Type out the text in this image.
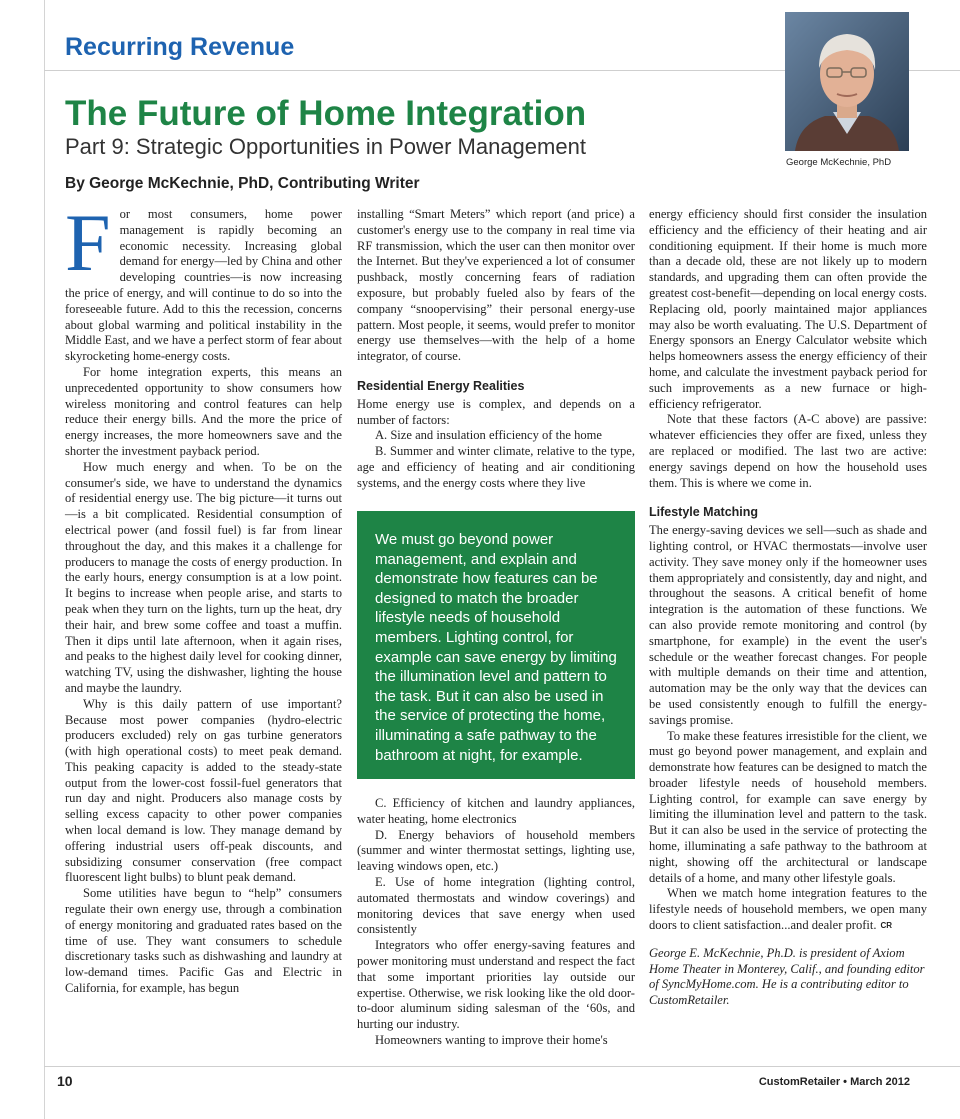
Recurring Revenue
George McKechnie, PhD
The Future of Home Integration
Part 9: Strategic Opportunities in Power Management
By George McKechnie, PhD, Contributing Writer
F or most consumers, home power management is rapidly becoming an economic necessity. Increasing global demand for energy—led by China and other developing countries—is now increasing the price of energy, and will continue to do so into the foreseeable future. Add to this the recession, concerns about global warming and political instability in the Middle East, and we have a perfect storm of fear about skyrocketing home-energy costs.

For home integration experts, this means an unprecedented opportunity to show consumers how wireless monitoring and control features can help reduce their energy bills. And the more the price of energy increases, the more homeowners save and the shorter the investment payback period.

How much energy and when. To be on the consumer's side, we have to understand the dynamics of residential energy use. The big picture—it turns out—is a bit complicated. Residential consumption of electrical power (and fossil fuel) is far from linear throughout the day, and this makes it a challenge for producers to manage the costs of energy production. In the early hours, energy consumption is at a low point. It begins to increase when people arise, and starts to peak when they turn on the lights, turn up the heat, dry their hair, and brew some coffee and toast a muffin. Then it dips until late afternoon, when it again rises, and peaks to the highest daily level for cooking dinner, watching TV, using the dishwasher, lighting the house and maybe the laundry.

Why is this daily pattern of use important? Because most power companies (hydro-electric producers excluded) rely on gas turbine generators (with high operational costs) to meet peak demand. This peaking capacity is added to the steady-state output from the lower-cost fossil-fuel generators that run day and night. Producers also manage costs by selling excess capacity to other power companies when local demand is low. They manage demand by offering industrial users off-peak discounts, and subsidizing consumer conservation (free compact fluorescent light bulbs) to blunt peak demand.

Some utilities have begun to “help” consumers regulate their own energy use, through a combination of energy monitoring and graduated rates based on the time of use. They want consumers to schedule discretionary tasks such as dishwashing and laundry at low-demand times. Pacific Gas and Electric in California, for example, has begun

installing “Smart Meters” which report (and price) a customer's energy use to the company in real time via RF transmission, which the user can then monitor over the Internet. But they've experienced a lot of consumer pushback, mostly concerning fears of radiation exposure, but probably fueled also by fears of the company “snoopervising” their personal energy-use pattern. Most people, it seems, would prefer to monitor energy use themselves—with the help of a home integrator, of course.

Residential Energy Realities

Home energy use is complex, and depends on a number of factors:

A. Size and insulation efficiency of the home

B. Summer and winter climate, relative to the type, age and efficiency of heating and air conditioning systems, and the energy costs where they live

We must go beyond power management, and explain and demonstrate how features can be designed to match the broader lifestyle needs of household members. Lighting control, for example can save energy by limiting the illumination level and pattern to the task. But it can also be used in the service of protecting the home, illuminating a safe pathway to the bathroom at night, for example.

C. Efficiency of kitchen and laundry appliances, water heating, home electronics

D. Energy behaviors of household members (summer and winter thermostat settings, lighting use, leaving windows open, etc.)

E. Use of home integration (lighting control, automated thermostats and window coverings) and monitoring devices that save energy when used consistently

Integrators who offer energy-saving features and power monitoring must understand and respect the fact that some important priorities lay outside our expertise. Otherwise, we risk looking like the old door-to-door aluminum siding salesman of the ‘60s, and hurting our industry.

Homeowners wanting to improve their home's

energy efficiency should first consider the insulation efficiency and the efficiency of their heating and air conditioning equipment. If their home is much more than a decade old, these are not likely up to modern standards, and upgrading them can often provide the greatest cost-benefit—depending on local energy costs. Replacing old, poorly maintained major appliances may also be worth evaluating. The U.S. Department of Energy sponsors an Energy Calculator website which helps homeowners assess the energy efficiency of their home, and calculate the investment payback period for such improvements as a new furnace or high-efficiency refrigerator.

Note that these factors (A-C above) are passive: whatever efficiencies they offer are fixed, unless they are replaced or modified. The last two are active: energy savings depend on how the household uses them. This is where we come in.

Lifestyle Matching

The energy-saving devices we sell—such as shade and lighting control, or HVAC thermostats—involve user activity. They save money only if the homeowner uses them appropriately and consistently, day and night, and throughout the seasons. A critical benefit of home integration is the automation of these functions. We can also provide remote monitoring and control (by smartphone, for example) in the event the user's schedule or the weather forecast changes. For people with multiple demands on their time and attention, automation may be the only way that the devices can be used consistently enough to fulfill the energy-savings promise.

To make these features irresistible for the client, we must go beyond power management, and explain and demonstrate how features can be designed to match the broader lifestyle needs of household members. Lighting control, for example can save energy by limiting the illumination level and pattern to the task. But it can also be used in the service of protecting the home, illuminating a safe pathway to the bathroom at night, showing off the architectural or landscape details of a home, and many other lifestyle goals.

When we match home integration features to the lifestyle needs of household members, we open many doors to client satisfaction...and dealer profit. CR

George E. McKechnie, Ph.D. is president of Axiom Home Theater in Monterey, Calif., and founding editor of SyncMyHome.com. He is a contributing editor to CustomRetailer.

10	CustomRetailer • March 2012
